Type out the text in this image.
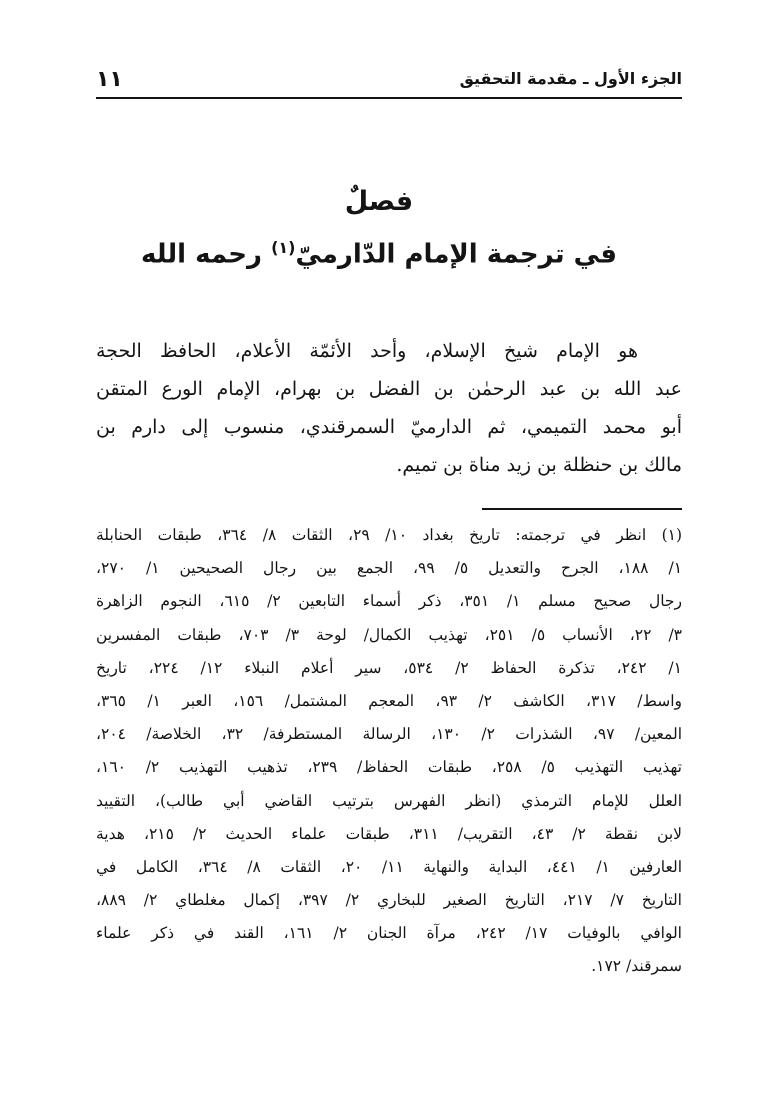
الجزء الأول ـ مقدمة التحقيق
١١
فصلٌ
في ترجمة الإمام الدّارميّ$^{(١)}$ رحمه الله
هو الإمام شيخ الإسلام، وأحد الأئمّة الأعلام، الحافظ الحجة
عبد الله بن عبد الرحمٰن بن الفضل بن بهرام، الإمام الورع المتقن
أبو محمد التميمي، ثم الدارميّ السمرقندي، منسوب إلى دارم بن
مالك بن حنظلة بن زيد مناة بن تميم.
(١) انظر في ترجمته: تاريخ بغداد ١٠/ ٢٩، الثقات ٨/ ٣٦٤، طبقات الحنابلة
١/ ١٨٨، الجرح والتعديل ٥/ ٩٩، الجمع بين رجال الصحيحين ١/ ٢٧٠،
رجال صحيح مسلم ١/ ٣٥١، ذكر أسماء التابعين ٢/ ٦١٥، النجوم الزاهرة
٣/ ٢٢، الأنساب ٥/ ٢٥١، تهذيب الكمال/ لوحة ٣/ ٧٠٣، طبقات المفسرين
١/ ٢٤٢، تذكرة الحفاظ ٢/ ٥٣٤، سير أعلام النبلاء ١٢/ ٢٢٤، تاريخ
واسط/ ٣١٧، الكاشف ٢/ ٩٣، المعجم المشتمل/ ١٥٦، العبر ١/ ٣٦٥،
المعين/ ٩٧، الشذرات ٢/ ١٣٠، الرسالة المستطرفة/ ٣٢، الخلاصة/ ٢٠٤،
تهذيب التهذيب ٥/ ٢٥٨، طبقات الحفاظ/ ٢٣٩، تذهيب التهذيب ٢/ ١٦٠،
العلل للإمام الترمذي (انظر الفهرس بترتيب القاضي أبي طالب)، التقييد
لابن نقطة ٢/ ٤٣، التقريب/ ٣١١، طبقات علماء الحديث ٢/ ٢١٥، هدية
العارفين ١/ ٤٤١، البداية والنهاية ١١/ ٢٠، الثقات ٨/ ٣٦٤، الكامل في
التاريخ ٧/ ٢١٧، التاريخ الصغير للبخاري ٢/ ٣٩٧، إكمال مغلطاي ٢/ ٨٨٩،
الوافي بالوفيات ١٧/ ٢٤٢، مرآة الجنان ٢/ ١٦١، القند في ذكر علماء
سمرقند/ ١٧٢.
